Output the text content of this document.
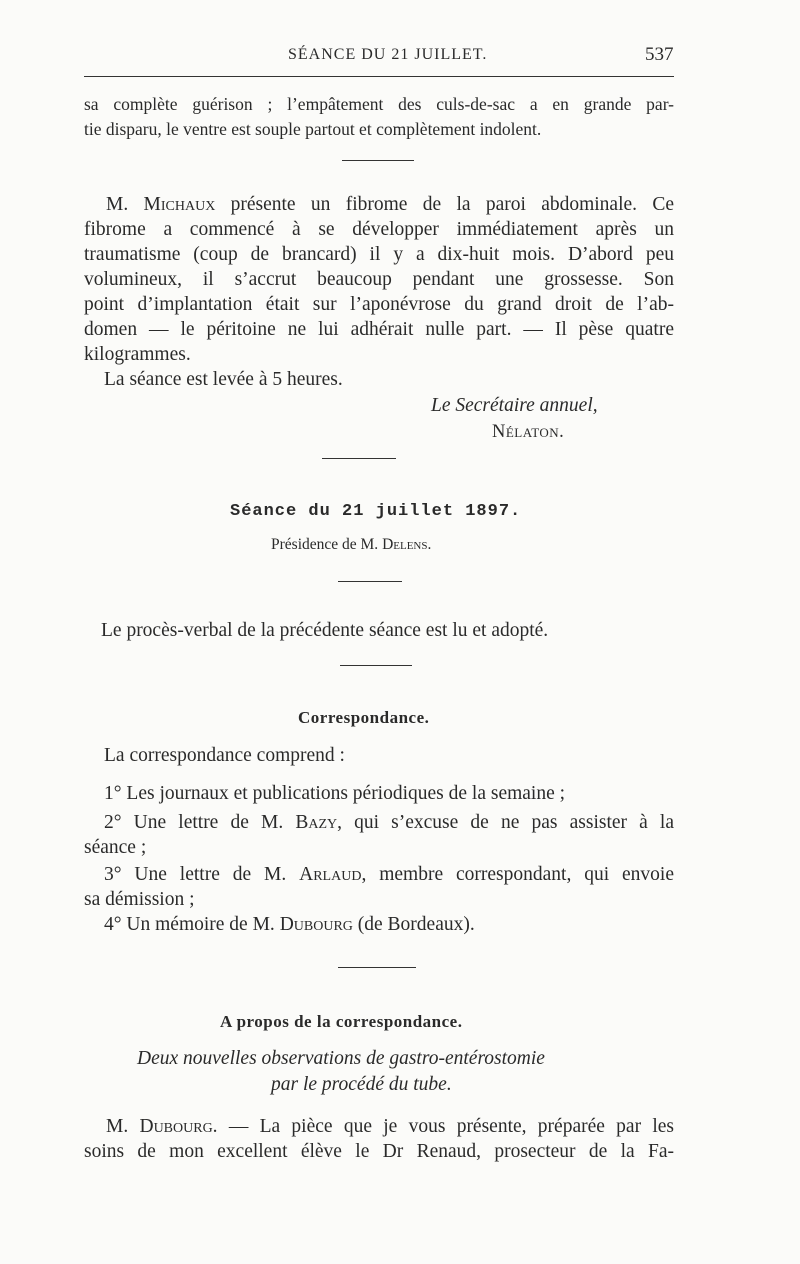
SÉANCE DU 21 JUILLET.	537
sa complète guérison ; l’empâtement des culs-de-sac a en grande par-
tie disparu, le ventre est souple partout et complètement indolent.
M. Michaux présente un fibrome de la paroi abdominale. Ce
fibrome a commencé à se développer immédiatement après un
traumatisme (coup de brancard) il y a dix-huit mois. D’abord peu
volumineux, il s’accrut beaucoup pendant une grossesse. Son
point d’implantation était sur l’aponévrose du grand droit de l’ab-
domen — le péritoine ne lui adhérait nulle part. — Il pèse quatre
kilogrammes.
La séance est levée à 5 heures.
Le Secrétaire annuel,
Nélaton.
Séance du 21 juillet 1897.
Présidence de M. Delens.
Le procès-verbal de la précédente séance est lu et adopté.
Correspondance.
La correspondance comprend :
1° Les journaux et publications périodiques de la semaine ;
2° Une lettre de M. Bazy, qui s’excuse de ne pas assister à la
séance ;
3° Une lettre de M. Arlaud, membre correspondant, qui envoie
sa démission ;
4° Un mémoire de M. Dubourg (de Bordeaux).
A propos de la correspondance.
Deux nouvelles observations de gastro-entérostomie
par le procédé du tube.
M. Dubourg. — La pièce que je vous présente, préparée par les
soins de mon excellent élève le Dr Renaud, prosecteur de la Fa-
